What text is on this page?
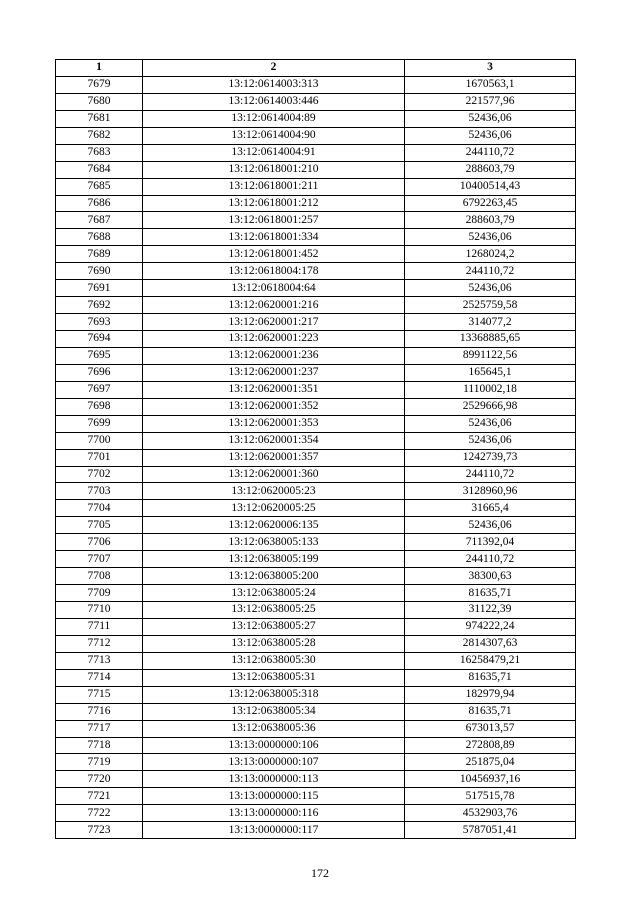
1	2	3
7679	13:12:0614003:313	1670563,1
7680	13:12:0614003:446	221577,96
7681	13:12:0614004:89	52436,06
7682	13:12:0614004:90	52436,06
7683	13:12:0614004:91	244110,72
7684	13:12:0618001:210	288603,79
7685	13:12:0618001:211	10400514,43
7686	13:12:0618001:212	6792263,45
7687	13:12:0618001:257	288603,79
7688	13:12:0618001:334	52436,06
7689	13:12:0618001:452	1268024,2
7690	13:12:0618004:178	244110,72
7691	13:12:0618004:64	52436,06
7692	13:12:0620001:216	2525759,58
7693	13:12:0620001:217	314077,2
7694	13:12:0620001:223	13368885,65
7695	13:12:0620001:236	8991122,56
7696	13:12:0620001:237	165645,1
7697	13:12:0620001:351	1110002,18
7698	13:12:0620001:352	2529666,98
7699	13:12:0620001:353	52436,06
7700	13:12:0620001:354	52436,06
7701	13:12:0620001:357	1242739,73
7702	13:12:0620001:360	244110,72
7703	13:12:0620005:23	3128960,96
7704	13:12:0620005:25	31665,4
7705	13:12:0620006:135	52436,06
7706	13:12:0638005:133	711392,04
7707	13:12:0638005:199	244110,72
7708	13:12:0638005:200	38300,63
7709	13:12:0638005:24	81635,71
7710	13:12:0638005:25	31122,39
7711	13:12:0638005:27	974222,24
7712	13:12:0638005:28	2814307,63
7713	13:12:0638005:30	16258479,21
7714	13:12:0638005:31	81635,71
7715	13:12:0638005:318	182979,94
7716	13:12:0638005:34	81635,71
7717	13:12:0638005:36	673013,57
7718	13:13:0000000:106	272808,89
7719	13:13:0000000:107	251875,04
7720	13:13:0000000:113	10456937,16
7721	13:13:0000000:115	517515,78
7722	13:13:0000000:116	4532903,76
7723	13:13:0000000:117	5787051,41
172
